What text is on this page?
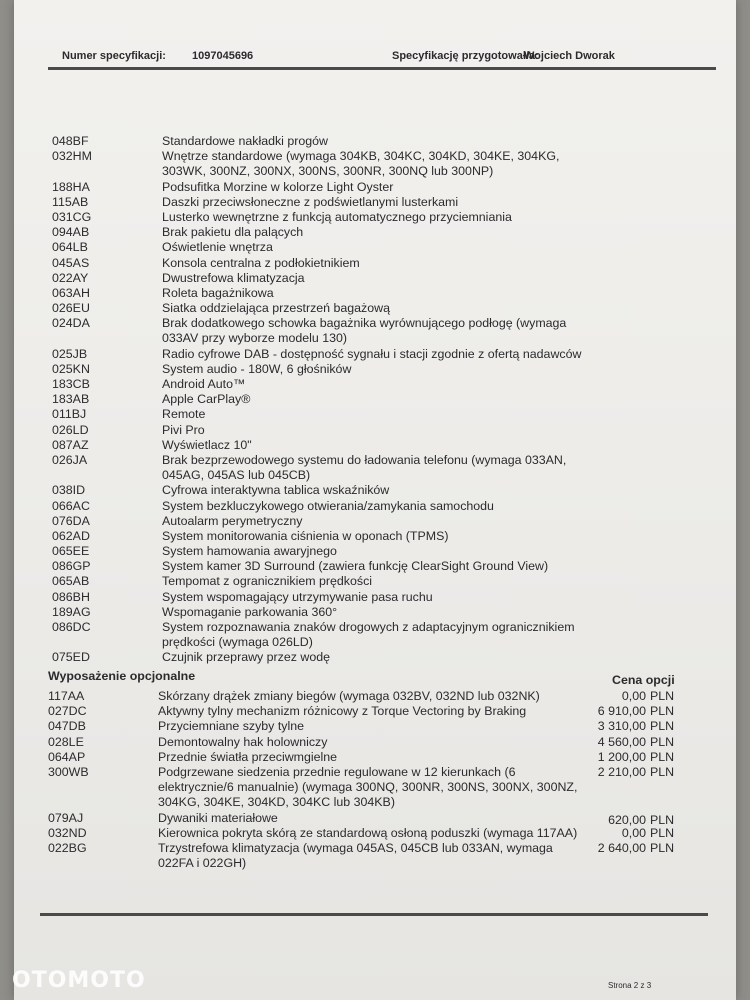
Numer specyfikacji: 1097045696	Specyfikację przygotował/a:
Wojciech Dworak
048BF
032HM
188HA
115AB
031CG
094AB
064LB
045AS
022AY
063AH
026EU
024DA
025JB
025KN
183CB
183AB
011BJ
026LD
087AZ
026JA
038ID
066AC
076DA
062AD
065EE
086GP
065AB
086BH
189AG
086DC
075ED
Standardowe nakładki progów
Wnętrze standardowe (wymaga 304KB, 304KC, 304KD, 304KE, 304KG, 303WK, 300NZ, 300NX, 300NS, 300NR, 300NQ lub 300NP)
Podsufitka Morzine w kolorze Light Oyster
Daszki przeciwsłoneczne z podświetlanymi lusterkami
Lusterko wewnętrzne z funkcją automatycznego przyciemniania
Brak pakietu dla palących
Oświetlenie wnętrza
Konsola centralna z podłokietnikiem
Dwustrefowa klimatyzacja
Roleta bagażnikowa
Siatka oddzielająca przestrzeń bagażową
Brak dodatkowego schowka bagażnika wyrównującego podłogę (wymaga 033AV przy wyborze modelu 130)
Radio cyfrowe DAB - dostępność sygnału i stacji zgodnie z ofertą nadawców
System audio - 180W, 6 głośników
Android Auto™
Apple CarPlay®
Remote
Pivi Pro
Wyświetlacz 10"
Brak bezprzewodowego systemu do ładowania telefonu (wymaga 033AN, 045AG, 045AS lub 045CB)
Cyfrowa interaktywna tablica wskaźników
System bezkluczykowego otwierania/zamykania samochodu
Autoalarm perymetryczny
System monitorowania ciśnienia w oponach (TPMS)
System hamowania awaryjnego
System kamer 3D Surround (zawiera funkcję ClearSight Ground View)
Tempomat z ogranicznikiem prędkości
System wspomagający utrzymywanie pasa ruchu
Wspomaganie parkowania 360°
System rozpoznawania znaków drogowych z adaptacyjnym ogranicznikiem prędkości (wymaga 026LD)
Czujnik przeprawy przez wodę
Wyposażenie opcjonalne	Cena opcji
117AA
027DC
047DB
028LE
064AP
300WB
079AJ
032ND
022BG
Skórzany drążek zmiany biegów (wymaga 032BV, 032ND lub 032NK)
Aktywny tylny mechanizm różnicowy z Torque Vectoring by Braking
Przyciemniane szyby tylne
Demontowalny hak holowniczy
Przednie światła przeciwmgielne
Podgrzewane siedzenia przednie regulowane w 12 kierunkach (6 elektrycznie/6 manualnie) (wymaga 300NQ, 300NR, 300NS, 300NX, 300NZ, 304KG, 304KE, 304KD, 304KC lub 304KB)
Dywaniki materiałowe
Kierownica pokryta skórą ze standardową osłoną poduszki (wymaga 117AA)
Trzystrefowa klimatyzacja (wymaga 045AS, 045CB lub 033AN, wymaga 022FA i 022GH)
0,00
6 910,00
3 310,00
4 560,00
1 200,00
2 210,00
620,00
0,00
2 640,00
PLN
PLN
PLN
PLN
PLN
PLN
PLN
PLN
PLN
Strona 2 z 3
OTOMOTO
